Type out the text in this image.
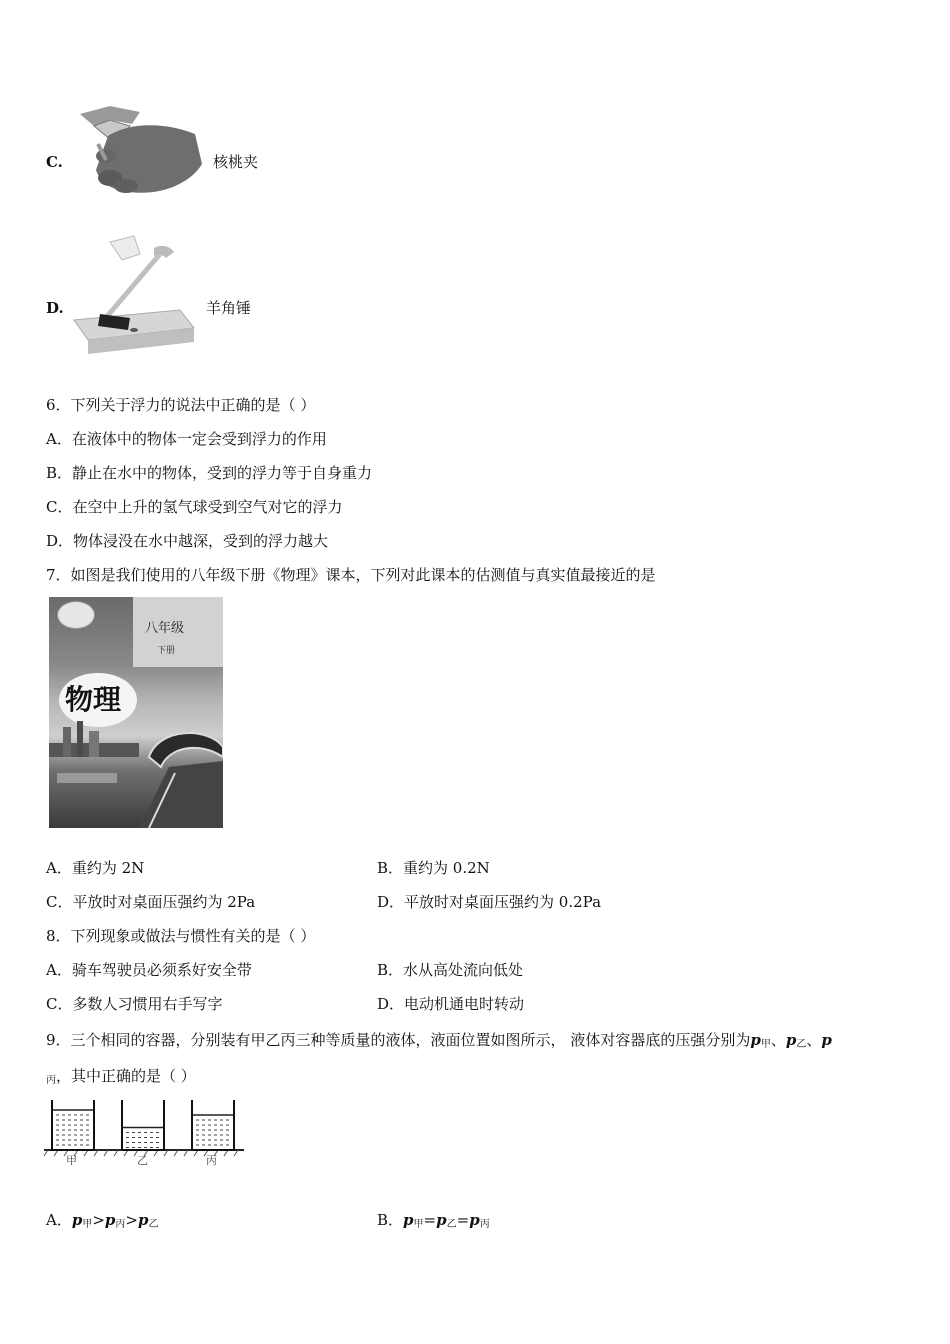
C.	核桃夹
D.	羊角锤
6．下列关于浮力的说法中正确的是（ ）
A．在液体中的物体一定会受到浮力的作用
B．静止在水中的物体，受到的浮力等于自身重力
C．在空中上升的氢气球受到空气对它的浮力
D．物体浸没在水中越深，受到的浮力越大
7．如图是我们使用的八年级下册《物理》课本，下列对此课本的估测值与真实值最接近的是
八年级
下册
物理
A．重约为 2N	B．重约为 0.2N
C．平放时对桌面压强约为 2Pa	D．平放时对桌面压强约为 0.2Pa
8．下列现象或做法与惯性有关的是（ ）
A．骑车驾驶员必须系好安全带	B．水从高处流向低处
C．多数人习惯用右手写字	D．电动机通电时转动
9．三个相同的容器，分别装有甲乙丙三种等质量的液体，液面位置如图所示， 液体对容器底的压强分别为p甲、p乙、p
丙，其中正确的是（ ）
甲	乙	丙
A．p甲>p丙>p乙	B．p甲=p乙=p丙
